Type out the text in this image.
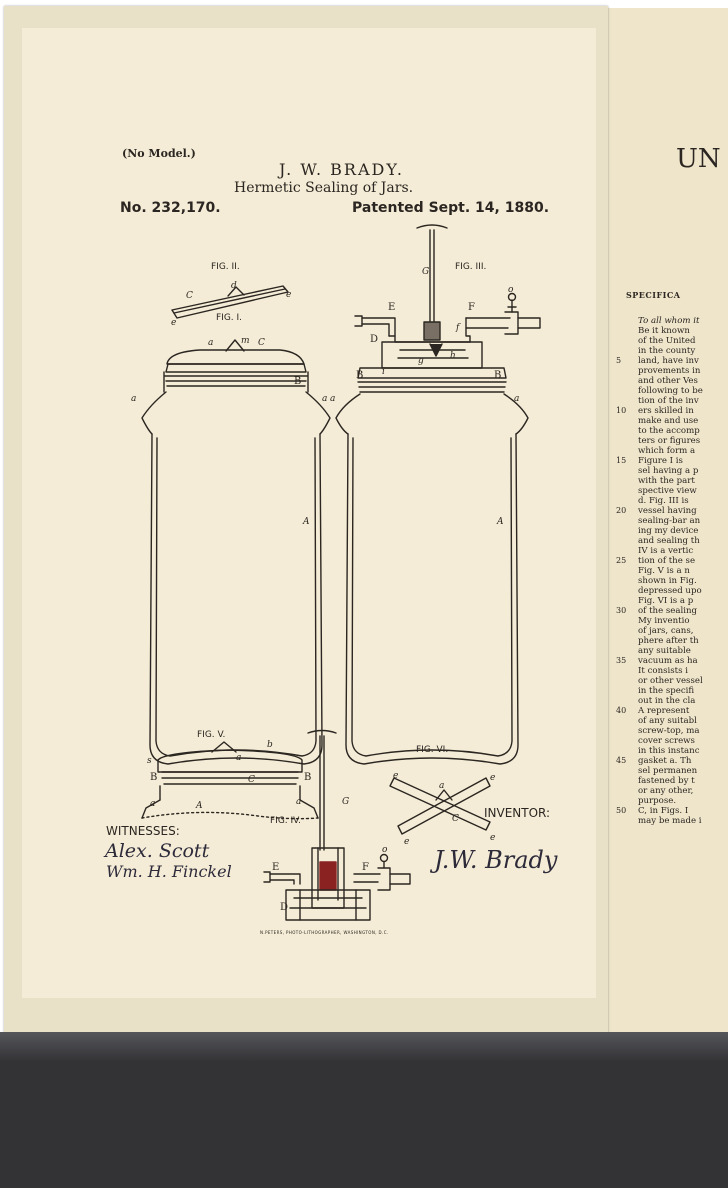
C
d
e
e
a	m C
B
a	a
A
i
D
g	h
f
B	B
a	a
A
G
E	F
o
s
b
a
B	B
C
a	A	a	G
E	F
o
D
e
a
C
e
e	e

(No Model.)

J. W. BRADY.

Hermetic Sealing of Jars.

No. 232,170.	Patented Sept. 14, 1880.

FIG. II.	FIG. III.

FIG. I.

FIG. V.

FIG. VI.

FIG. IV.

WITNESSES:

INVENTOR:

Alex. Scott

Wm. H. Finckel	J.W. Brady

N.PETERS, PHOTO-LITHOGRAPHER, WASHINGTON, D.C.

UN

SPECIFICA

To all whom it

Be it known

of the United

in the county

land, have inv

provements in

and other Ves

following to be

tion of the inv

ers skilled in

make and use

to the accomp

ters or figures

which form a

Figure I is

sel having a p

with the part

spective view

d. Fig. III is

vessel having

sealing-bar an

ing my device

and sealing th

IV is a vertic

tion of the se

Fig. V is a n

shown in Fig.

depressed upo

Fig. VI is a p

of the sealing

My inventio

of jars, cans,

phere after th

any suitable

vacuum as ha

It consists i

or other vessel

in the specifi

out in the cla

A represent

of any suitabl

screw-top, ma

cover screws

in this instanc

gasket a. Th

sel permanen

fastened by t

or any other,

purpose.

C, in Figs. I

may be made i

5

10

15

20

25

30

35

40

45

50
